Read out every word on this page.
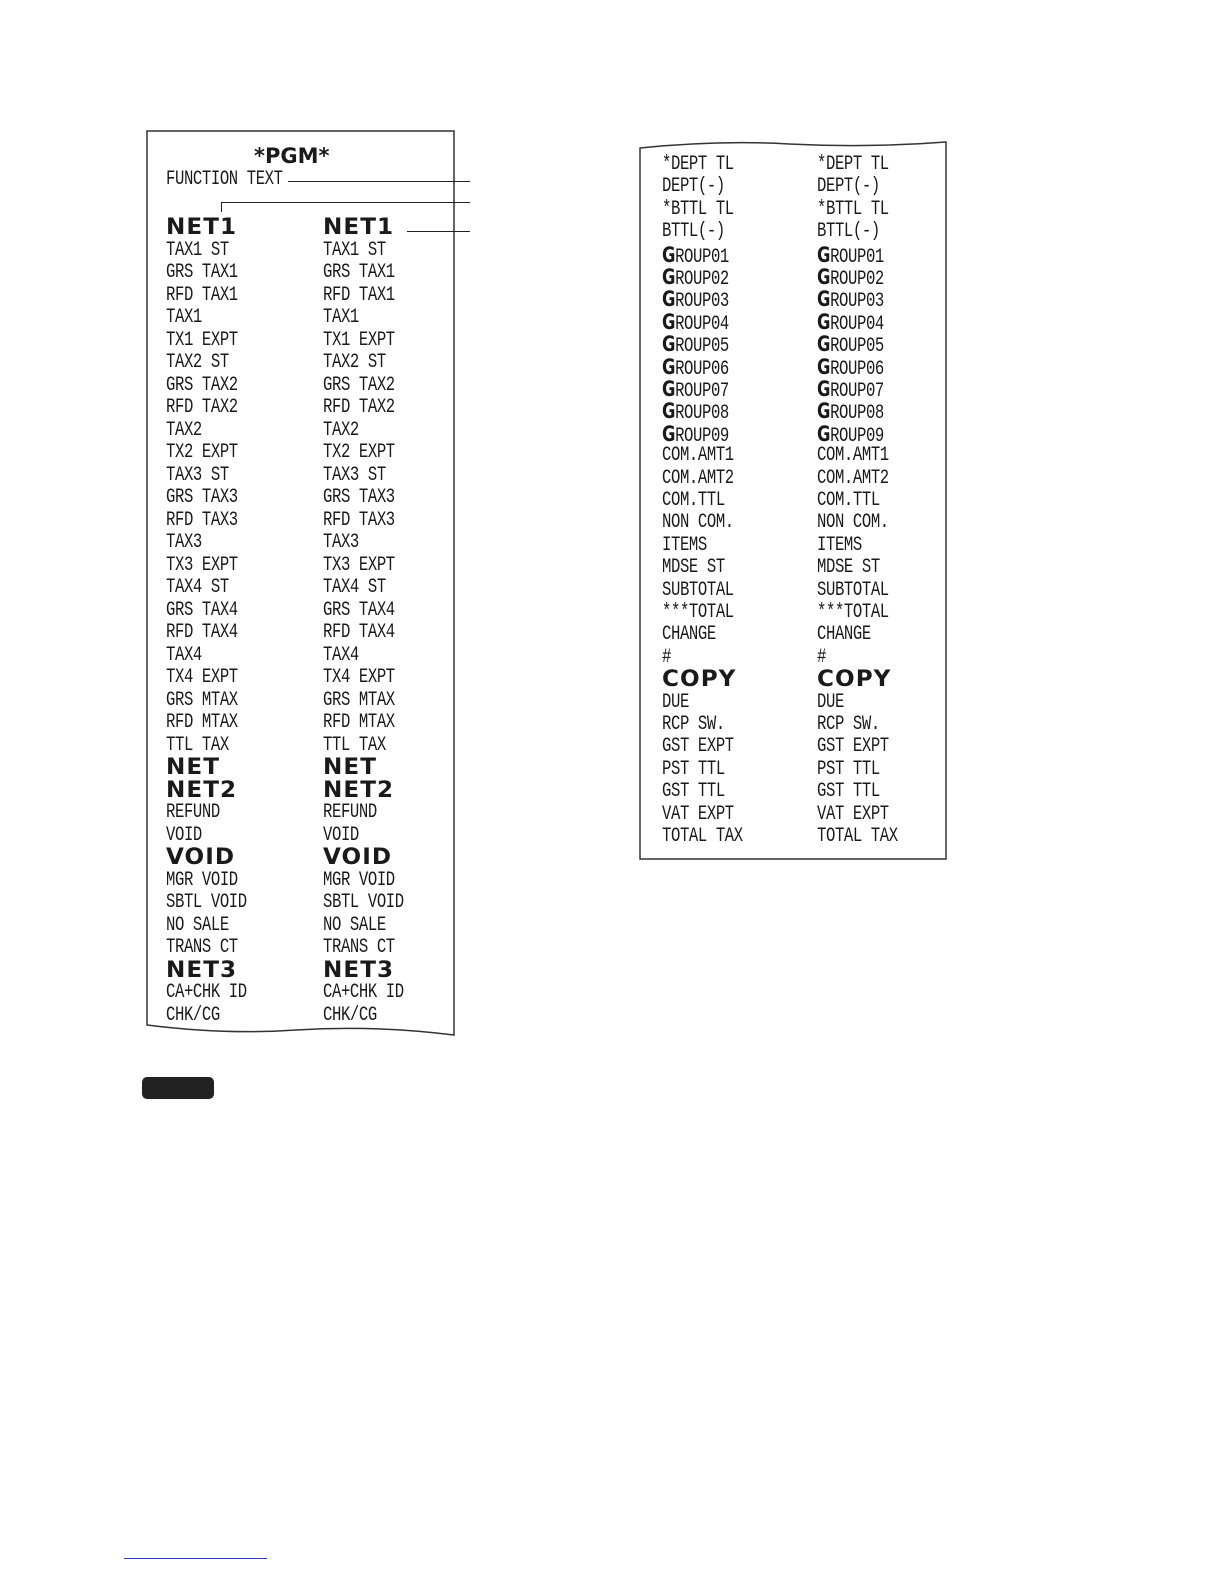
*PGM*
FUNCTION TEXT
NET1	NET1
TAX1 ST	TAX1 ST
GRS TAX1	GRS TAX1
RFD TAX1	RFD TAX1
TAX1	TAX1
TX1 EXPT	TX1 EXPT
TAX2 ST	TAX2 ST
GRS TAX2	GRS TAX2
RFD TAX2	RFD TAX2
TAX2	TAX2
TX2 EXPT	TX2 EXPT
TAX3 ST	TAX3 ST
GRS TAX3	GRS TAX3
RFD TAX3	RFD TAX3
TAX3	TAX3
TX3 EXPT	TX3 EXPT
TAX4 ST	TAX4 ST
GRS TAX4	GRS TAX4
RFD TAX4	RFD TAX4
TAX4	TAX4
TX4 EXPT	TX4 EXPT
GRS MTAX	GRS MTAX
RFD MTAX	RFD MTAX
TTL TAX	TTL TAX
NET	NET
NET2	NET2
REFUND	REFUND
VOID	VOID
VOID	VOID
MGR VOID	MGR VOID
SBTL VOID	SBTL VOID
NO SALE	NO SALE
TRANS CT	TRANS CT
NET3	NET3
CA+CHK ID	CA+CHK ID
CHK/CG	CHK/CG
*DEPT TL	*DEPT TL
DEPT(-)	DEPT(-)
*BTTL TL	*BTTL TL
BTTL(-)	BTTL(-)
GROUP01	GROUP01
GROUP02	GROUP02
GROUP03	GROUP03
GROUP04	GROUP04
GROUP05	GROUP05
GROUP06	GROUP06
GROUP07	GROUP07
GROUP08	GROUP08
GROUP09	GROUP09
COM.AMT1	COM.AMT1
COM.AMT2	COM.AMT2
COM.TTL	COM.TTL
NON COM.	NON COM.
ITEMS	ITEMS
MDSE ST	MDSE ST
SUBTOTAL	SUBTOTAL
***TOTAL	***TOTAL
CHANGE	CHANGE
#	#
COPY	COPY
DUE	DUE
RCP SW.	RCP SW.
GST EXPT	GST EXPT
PST TTL	PST TTL
GST TTL	GST TTL
VAT EXPT	VAT EXPT
TOTAL TAX	TOTAL TAX
